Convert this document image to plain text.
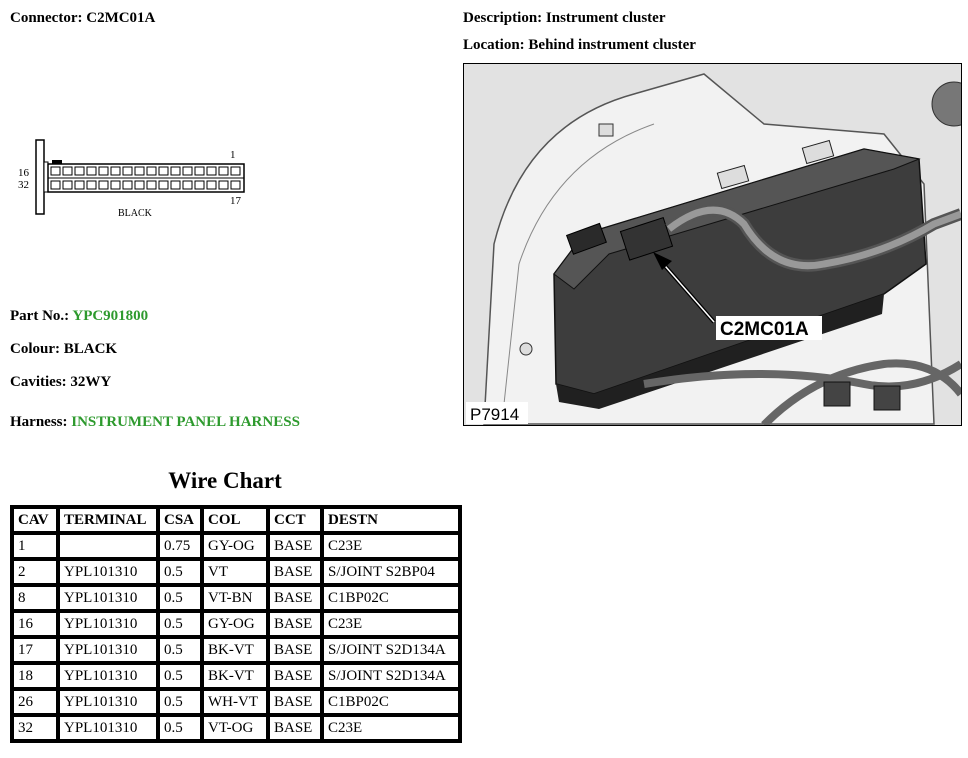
Connector: C2MC01A	Description: Instrument cluster
Location: Behind instrument cluster
16
32
1
17
BLACK
C2MC01A
P7914
Part No.: YPC901800
Colour: BLACK
Cavities: 32WY
Harness: INSTRUMENT PANEL HARNESS
Wire Chart
CAV	TERMINAL	CSA	COL	CCT	DESTN
1		0.75	GY-OG	BASE	C23E
2	YPL101310	0.5	VT	BASE	S/JOINT S2BP04
8	YPL101310	0.5	VT-BN	BASE	C1BP02C
16	YPL101310	0.5	GY-OG	BASE	C23E
17	YPL101310	0.5	BK-VT	BASE	S/JOINT S2D134A
18	YPL101310	0.5	BK-VT	BASE	S/JOINT S2D134A
26	YPL101310	0.5	WH-VT	BASE	C1BP02C
32	YPL101310	0.5	VT-OG	BASE	C23E
